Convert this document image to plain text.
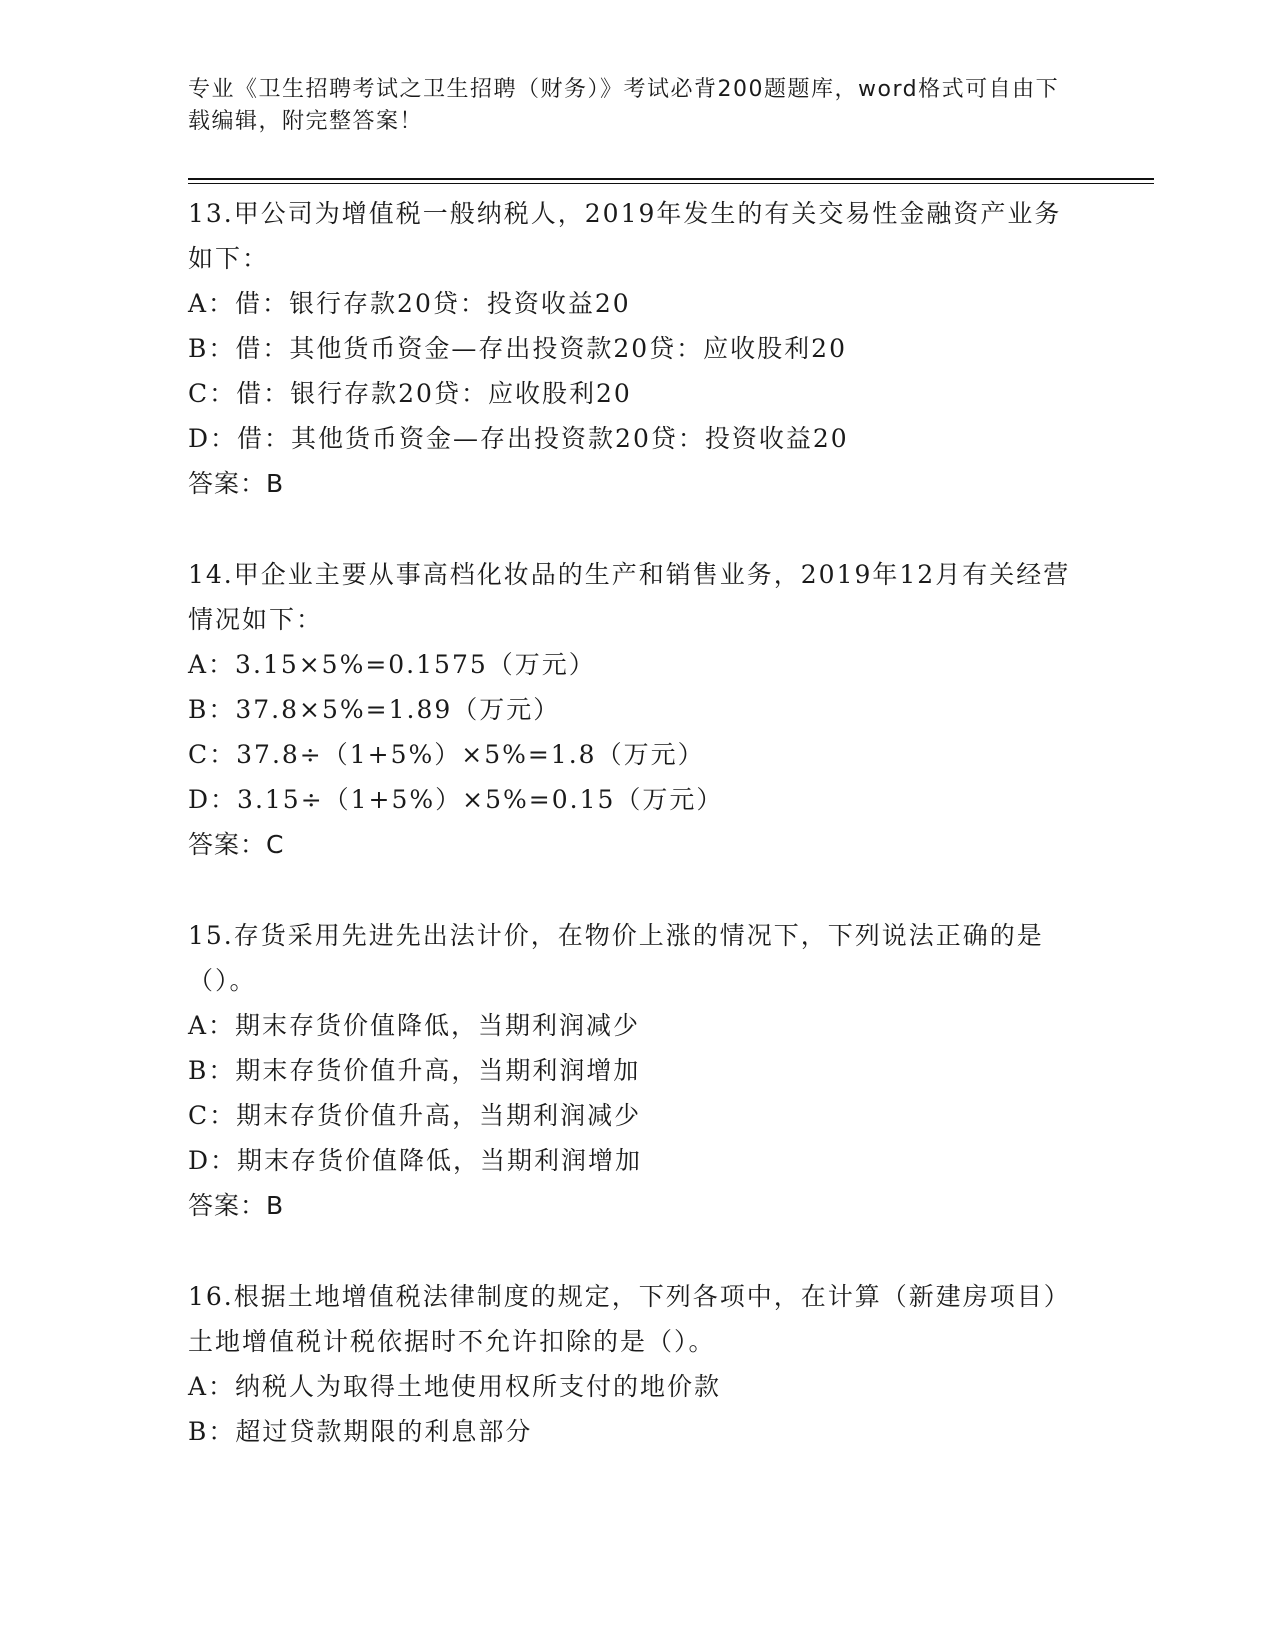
专业《卫生招聘考试之卫生招聘（财务）》考试必背200题题库，word格式可自由下载编辑，附完整答案！

13.甲公司为增值税一般纳税人，2019年发生的有关交易性金融资产业务如下：

A：借：银行存款20贷：投资收益20

B：借：其他货币资金—存出投资款20贷：应收股利20

C：借：银行存款20贷：应收股利20

D：借：其他货币资金—存出投资款20贷：投资收益20

答案：B

14.甲企业主要从事高档化妆品的生产和销售业务，2019年12月有关经营情况如下：

A：3.15×5%=0.1575（万元）

B：37.8×5%=1.89（万元）

C：37.8÷（1+5%）×5%=1.8（万元）

D：3.15÷（1+5%）×5%=0.15（万元）

答案：C

15.存货采用先进先出法计价，在物价上涨的情况下，下列说法正确的是（）。

A：期末存货价值降低，当期利润减少

B：期末存货价值升高，当期利润增加

C：期末存货价值升高，当期利润减少

D：期末存货价值降低，当期利润增加

答案：B

16.根据土地增值税法律制度的规定，下列各项中，在计算（新建房项目）土地增值税计税依据时不允许扣除的是（）。

A：纳税人为取得土地使用权所支付的地价款

B：超过贷款期限的利息部分
